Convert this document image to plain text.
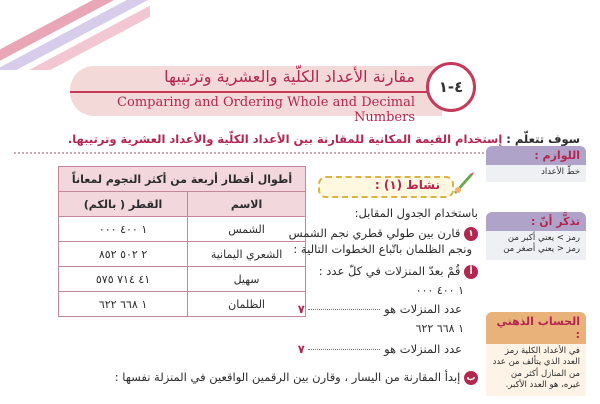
مقارنة الأعداد الكلّية والعشرية وترتيبها
Comparing and Ordering Whole and Decimal Numbers
٤-١
سوف تتعلّم : إستخدام القيمة المكانية للمقارنة بين الأعداد الكلّية والأعداد العشرية وترتيبها.
اللوازم :
خطّ الأعداد
تذكَّر أنّ :
رمز > يعني أكبر من
رمز < يعني أصغر من
الحساب الذهني :
في الأعداد الكلية رمز العدد الذي يتألف من عدد من المنازل أكثر من غيره، هو العدد الأكبر.
أطوال أقطار أربعة من أكثر النجوم لمعاناً	
القطر ( بالكم)	الاسم
١ ٤٠٠ ٠٠٠	الشمس
٢ ٥٠٢ ٨٥٢	الشعري اليمانية
٤١ ٧١٤ ٥٧٥	سهيل
١ ٦٦٨ ٦٢٢	الظلمان
نشاط (١) :
باستخدام الجدول المقابل:
١ قارن بين طولي قطري نجم الشمس
ونجم الظلمان باتّباع الخطوات التالية :
أ قُمْ بعدّ المنزلات في كلّ عدد :
١ ٤٠٠ ٠٠٠
عدد المنزلات هو  ٧
١ ٦٦٨ ٦٢٢
عدد المنزلات هو  ٧
ب إبدأ المقارنة من اليسار ، وقارن بين الرقمين الواقعين في المنزلة نفسها :
